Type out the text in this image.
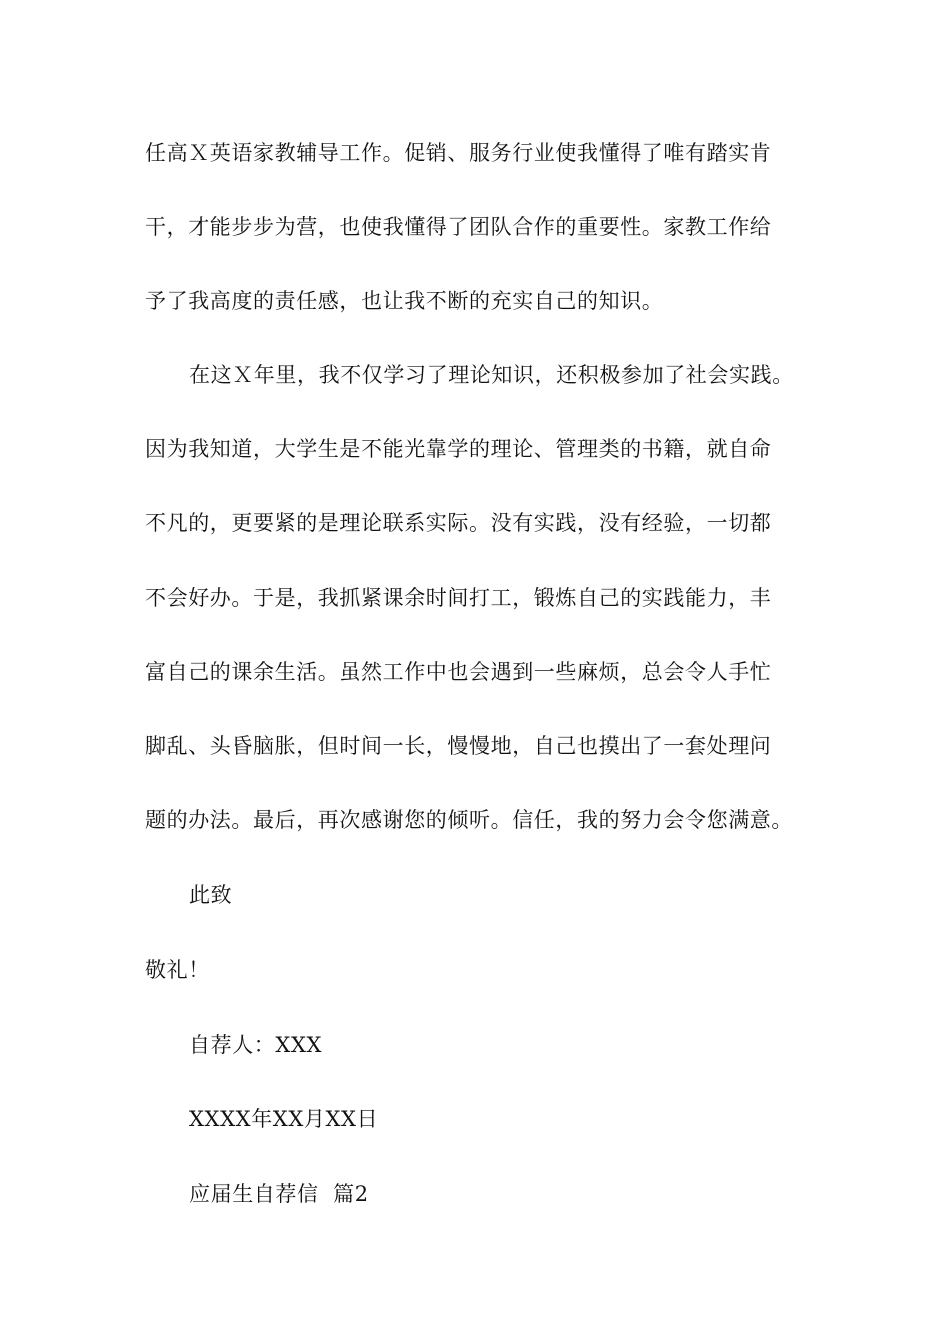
任高Ｘ英语家教辅导工作。促销、服务行业使我懂得了唯有踏实肯
干，才能步步为营，也使我懂得了团队合作的重要性。家教工作给
予了我高度的责任感，也让我不断的充实自己的知识。
在这Ｘ年里，我不仅学习了理论知识，还积极参加了社会实践。
因为我知道，大学生是不能光靠学的理论、管理类的书籍，就自命
不凡的，更要紧的是理论联系实际。没有实践，没有经验，一切都
不会好办。于是，我抓紧课余时间打工，锻炼自己的实践能力，丰
富自己的课余生活。虽然工作中也会遇到一些麻烦，总会令人手忙
脚乱、头昏脑胀，但时间一长，慢慢地，自己也摸出了一套处理问
题的办法。最后，再次感谢您的倾听。信任，我的努力会令您满意。
此致
敬礼！
自荐人：XXX
XXXX年XX月XX日
应届生自荐信  篇2
